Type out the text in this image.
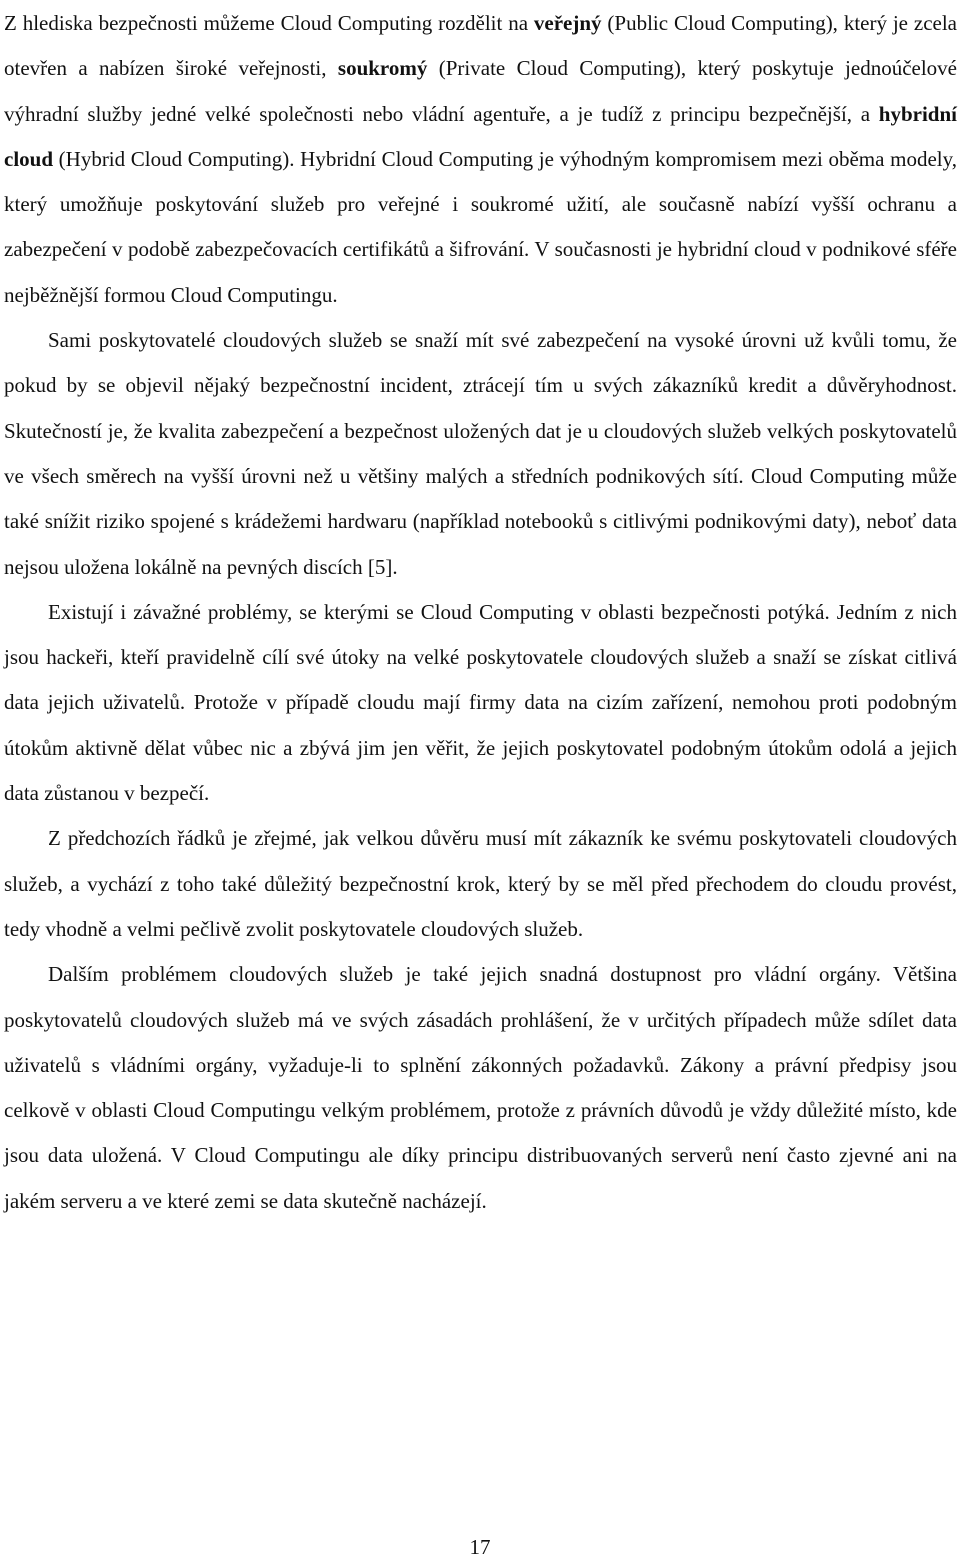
Z hlediska bezpečnosti můžeme Cloud Computing rozdělit na veřejný (Public Cloud Computing), který je zcela otevřen a nabízen široké veřejnosti, soukromý (Private Cloud Computing), který poskytuje jednoúčelové výhradní služby jedné velké společnosti nebo vládní agentuře, a je tudíž z principu bezpečnější, a hybridní cloud (Hybrid Cloud Computing). Hybridní Cloud Computing je výhodným kompromisem mezi oběma modely, který umožňuje poskytování služeb pro veřejné i soukromé užití, ale současně nabízí vyšší ochranu a zabezpečení v podobě zabezpečovacích certifikátů a šifrování. V současnosti je hybridní cloud v podnikové sféře nejběžnější formou Cloud Computingu.

Sami poskytovatelé cloudových služeb se snaží mít své zabezpečení na vysoké úrovni už kvůli tomu, že pokud by se objevil nějaký bezpečnostní incident, ztrácejí tím u svých zákazníků kredit a důvěryhodnost. Skutečností je, že kvalita zabezpečení a bezpečnost uložených dat je u cloudových služeb velkých poskytovatelů ve všech směrech na vyšší úrovni než u většiny malých a středních podnikových sítí. Cloud Computing může také snížit riziko spojené s krádežemi hardwaru (například notebooků s citlivými podnikovými daty), neboť data nejsou uložena lokálně na pevných discích [5].

Existují i závažné problémy, se kterými se Cloud Computing v oblasti bezpečnosti potýká. Jedním z nich jsou hackeři, kteří pravidelně cílí své útoky na velké poskytovatele cloudových služeb a snaží se získat citlivá data jejich uživatelů. Protože v případě cloudu mají firmy data na cizím zařízení, nemohou proti podobným útokům aktivně dělat vůbec nic a zbývá jim jen věřit, že jejich poskytovatel podobným útokům odolá a jejich data zůstanou v bezpečí.

Z předchozích řádků je zřejmé, jak velkou důvěru musí mít zákazník ke svému poskytovateli cloudových služeb, a vychází z toho také důležitý bezpečnostní krok, který by se měl před přechodem do cloudu provést, tedy vhodně a velmi pečlivě zvolit poskytovatele cloudových služeb.

Dalším problémem cloudových služeb je také jejich snadná dostupnost pro vládní orgány. Většina poskytovatelů cloudových služeb má ve svých zásadách prohlášení, že v určitých případech může sdílet data uživatelů s vládními orgány, vyžaduje-li to splnění zákonných požadavků. Zákony a právní předpisy jsou celkově v oblasti Cloud Computingu velkým problémem, protože z právních důvodů je vždy důležité místo, kde jsou data uložená. V Cloud Computingu ale díky principu distribuovaných serverů není často zjevné ani na jakém serveru a ve které zemi se data skutečně nacházejí.

17
